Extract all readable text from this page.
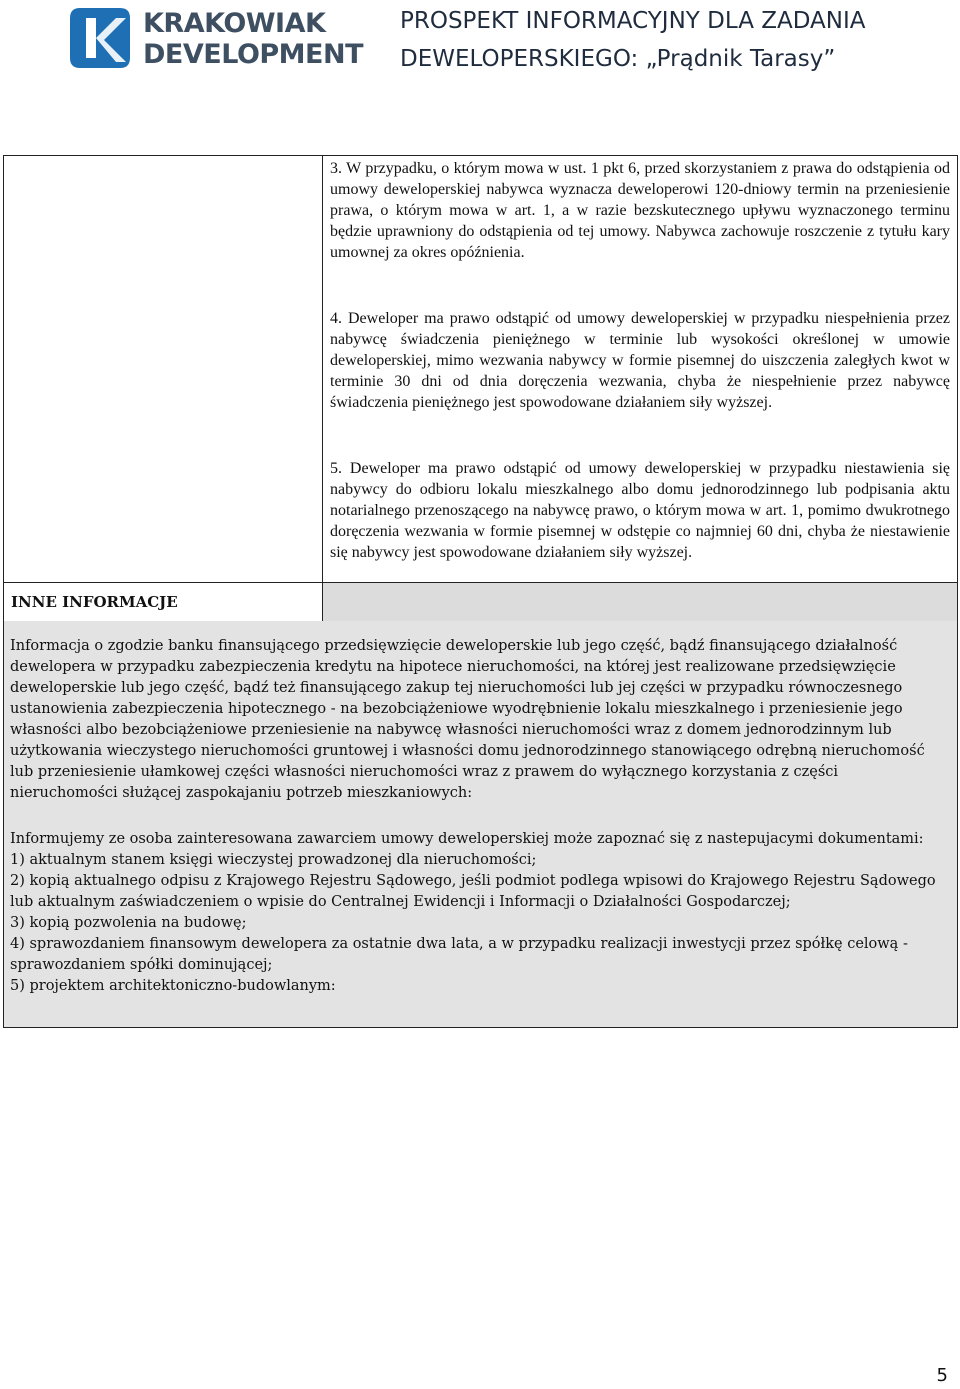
KRAKOWIAK
DEVELOPMENT
PROSPEKT INFORMACYJNY DLA ZADANIA
DEWELOPERSKIEGO: „Prądnik Tarasy”
3. W przypadku, o którym mowa w ust. 1 pkt 6, przed skorzystaniem z prawa do odstąpienia od umowy deweloperskiej nabywca wyznacza deweloperowi 120-dniowy termin na przeniesienie prawa, o którym mowa w art. 1, a w razie bezskutecznego upływu wyznaczonego terminu będzie uprawniony do odstąpienia od tej umowy. Nabywca zachowuje roszczenie z tytułu kary umownej za okres opóźnienia.
4. Deweloper ma prawo odstąpić od umowy deweloperskiej w przypadku niespełnienia przez nabywcę świadczenia pieniężnego w terminie lub wysokości określonej w umowie deweloperskiej, mimo wezwania nabywcy w formie pisemnej do uiszczenia zaległych kwot w terminie 30 dni od dnia doręczenia wezwania, chyba że niespełnienie przez nabywcę świadczenia pieniężnego jest spowodowane działaniem siły wyższej.
5. Deweloper ma prawo odstąpić od umowy deweloperskiej w przypadku niestawienia się nabywcy do odbioru lokalu mieszkalnego albo domu jednorodzinnego lub podpisania aktu notarialnego przenoszącego na nabywcę prawo, o którym mowa w art. 1, pomimo dwukrotnego doręczenia wezwania w formie pisemnej w odstępie co najmniej 60 dni, chyba że niestawienie się nabywcy jest spowodowane działaniem siły wyższej.
INNE INFORMACJE
Informacja o zgodzie banku finansującego przedsięwzięcie deweloperskie lub jego część, bądź finansującego działalność dewelopera w przypadku zabezpieczenia kredytu na hipotece nieruchomości, na której jest realizowane przedsięwzięcie deweloperskie lub jego część, bądź też finansującego zakup tej nieruchomości lub jej części w przypadku równoczesnego ustanowienia zabezpieczenia hipotecznego - na bezobciążeniowe wyodrębnienie lokalu mieszkalnego i przeniesienie jego własności albo bezobciążeniowe przeniesienie na nabywcę własności nieruchomości wraz z domem jednorodzinnym lub użytkowania wieczystego nieruchomości gruntowej i własności domu jednorodzinnego stanowiącego odrębną nieruchomość lub przeniesienie ułamkowej części własności nieruchomości wraz z prawem do wyłącznego korzystania z części nieruchomości służącej zaspokajaniu potrzeb mieszkaniowych:
Informujemy ze osoba zainteresowana zawarciem umowy deweloperskiej może zapoznać się z nastepujacymi dokumentami:
1) aktualnym stanem księgi wieczystej prowadzonej dla nieruchomości;
2) kopią aktualnego odpisu z Krajowego Rejestru Sądowego, jeśli podmiot podlega wpisowi do Krajowego Rejestru Sądowego lub aktualnym zaświadczeniem o wpisie do Centralnej Ewidencji i Informacji o Działalności Gospodarczej;
3) kopią pozwolenia na budowę;
4) sprawozdaniem finansowym dewelopera za ostatnie dwa lata, a w przypadku realizacji inwestycji przez spółkę celową - sprawozdaniem spółki dominującej;
5) projektem architektoniczno-budowlanym:
5
